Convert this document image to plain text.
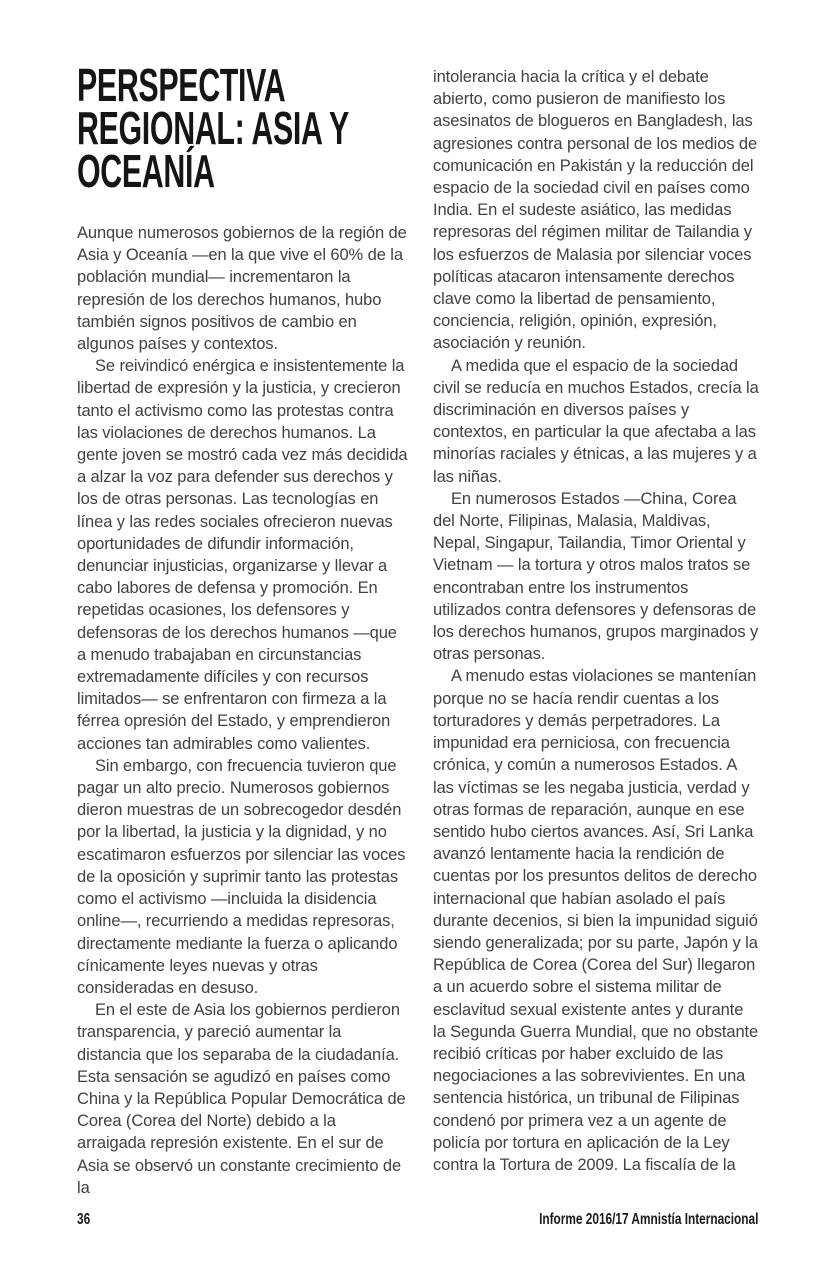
PERSPECTIVA
REGIONAL: ASIA Y
OCEANÍA

Aunque numerosos gobiernos de la región de Asia y Oceanía —en la que vive el 60% de la población mundial— incrementaron la represión de los derechos humanos, hubo también signos positivos de cambio en algunos países y contextos.

Se reivindicó enérgica e insistentemente la libertad de expresión y la justicia, y crecieron tanto el activismo como las protestas contra las violaciones de derechos humanos. La gente joven se mostró cada vez más decidida a alzar la voz para defender sus derechos y los de otras personas. Las tecnologías en línea y las redes sociales ofrecieron nuevas oportunidades de difundir información, denunciar injusticias, organizarse y llevar a cabo labores de defensa y promoción. En repetidas ocasiones, los defensores y defensoras de los derechos humanos —que a menudo trabajaban en circunstancias extremadamente difíciles y con recursos limitados— se enfrentaron con firmeza a la férrea opresión del Estado, y emprendieron acciones tan admirables como valientes.

Sin embargo, con frecuencia tuvieron que pagar un alto precio. Numerosos gobiernos dieron muestras de un sobrecogedor desdén por la libertad, la justicia y la dignidad, y no escatimaron esfuerzos por silenciar las voces de la oposición y suprimir tanto las protestas como el activismo —incluida la disidencia online—, recurriendo a medidas represoras, directamente mediante la fuerza o aplicando cínicamente leyes nuevas y otras consideradas en desuso.

En el este de Asia los gobiernos perdieron transparencia, y pareció aumentar la distancia que los separaba de la ciudadanía. Esta sensación se agudizó en países como China y la República Popular Democrática de Corea (Corea del Norte) debido a la arraigada represión existente. En el sur de Asia se observó un constante crecimiento de la

intolerancia hacia la crítica y el debate abierto, como pusieron de manifiesto los asesinatos de blogueros en Bangladesh, las agresiones contra personal de los medios de comunicación en Pakistán y la reducción del espacio de la sociedad civil en países como India. En el sudeste asiático, las medidas represoras del régimen militar de Tailandia y los esfuerzos de Malasia por silenciar voces políticas atacaron intensamente derechos clave como la libertad de pensamiento, conciencia, religión, opinión, expresión, asociación y reunión.

A medida que el espacio de la sociedad civil se reducía en muchos Estados, crecía la discriminación en diversos países y contextos, en particular la que afectaba a las minorías raciales y étnicas, a las mujeres y a las niñas.

En numerosos Estados —China, Corea del Norte, Filipinas, Malasia, Maldivas, Nepal, Singapur, Tailandia, Timor Oriental y Vietnam — la tortura y otros malos tratos se encontraban entre los instrumentos utilizados contra defensores y defensoras de los derechos humanos, grupos marginados y otras personas.

A menudo estas violaciones se mantenían porque no se hacía rendir cuentas a los torturadores y demás perpetradores. La impunidad era perniciosa, con frecuencia crónica, y común a numerosos Estados. A las víctimas se les negaba justicia, verdad y otras formas de reparación, aunque en ese sentido hubo ciertos avances. Así, Sri Lanka avanzó lentamente hacia la rendición de cuentas por los presuntos delitos de derecho internacional que habían asolado el país durante decenios, si bien la impunidad siguió siendo generalizada; por su parte, Japón y la República de Corea (Corea del Sur) llegaron a un acuerdo sobre el sistema militar de esclavitud sexual existente antes y durante la Segunda Guerra Mundial, que no obstante recibió críticas por haber excluido de las negociaciones a las sobrevivientes. En una sentencia histórica, un tribunal de Filipinas condenó por primera vez a un agente de policía por tortura en aplicación de la Ley contra la Tortura de 2009. La fiscalía de la

36	Informe 2016/17 Amnistía Internacional
